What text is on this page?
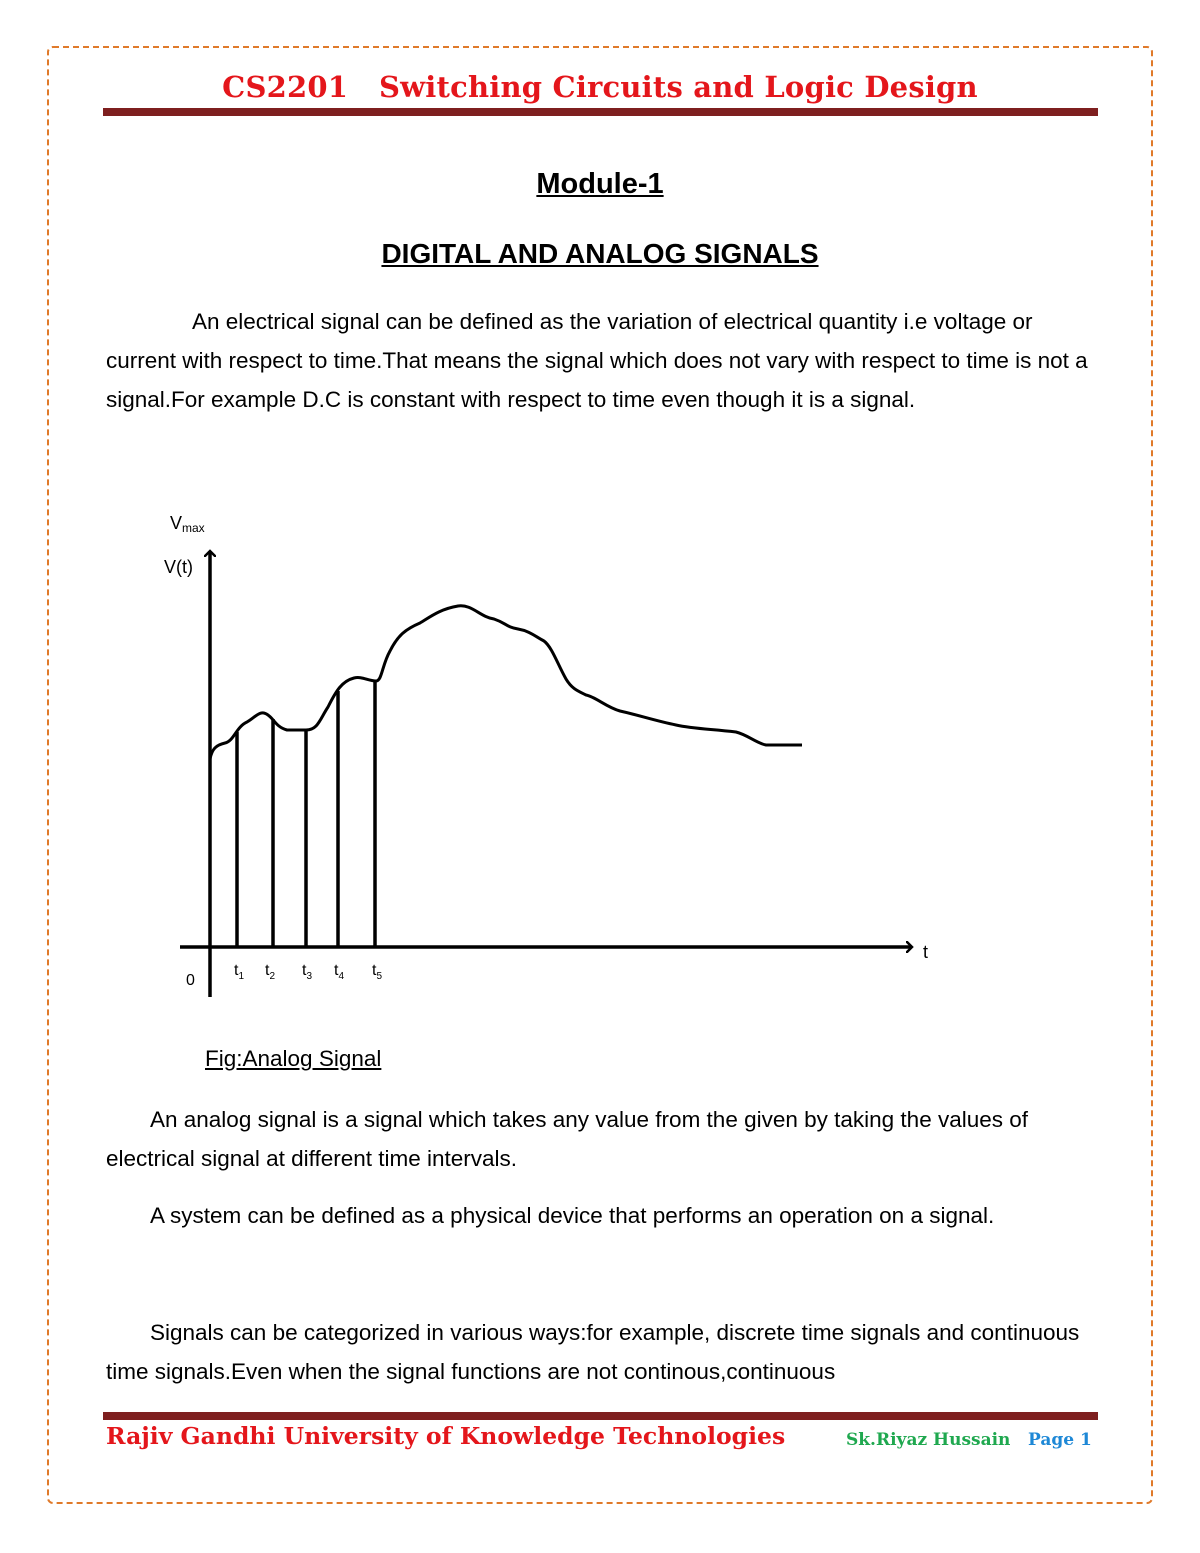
CS2201   Switching Circuits and Logic Design
Module-1
DIGITAL AND ANALOG SIGNALS

An electrical signal can be defined as the variation of electrical quantity i.e voltage or current with respect to time.That means the signal which does not vary with respect to time is not a signal.For example D.C is constant with respect to time even though it is a signal.

Vmax
V(t)
t
0
$t_1$ $t_2$ $t_3$ $t_4$ $t_5$
Fig:Analog Signal

An analog signal is a signal which takes any value from the given by taking the values of electrical signal at different time intervals.

A system can be defined as a physical device that performs an operation on a signal.

Signals can be categorized in various ways:for example, discrete time signals and continuous time signals.Even when the signal functions are not continous,continuous

Rajiv Gandhi University of Knowledge Technologies	Sk.Riyaz Hussain Page 1
